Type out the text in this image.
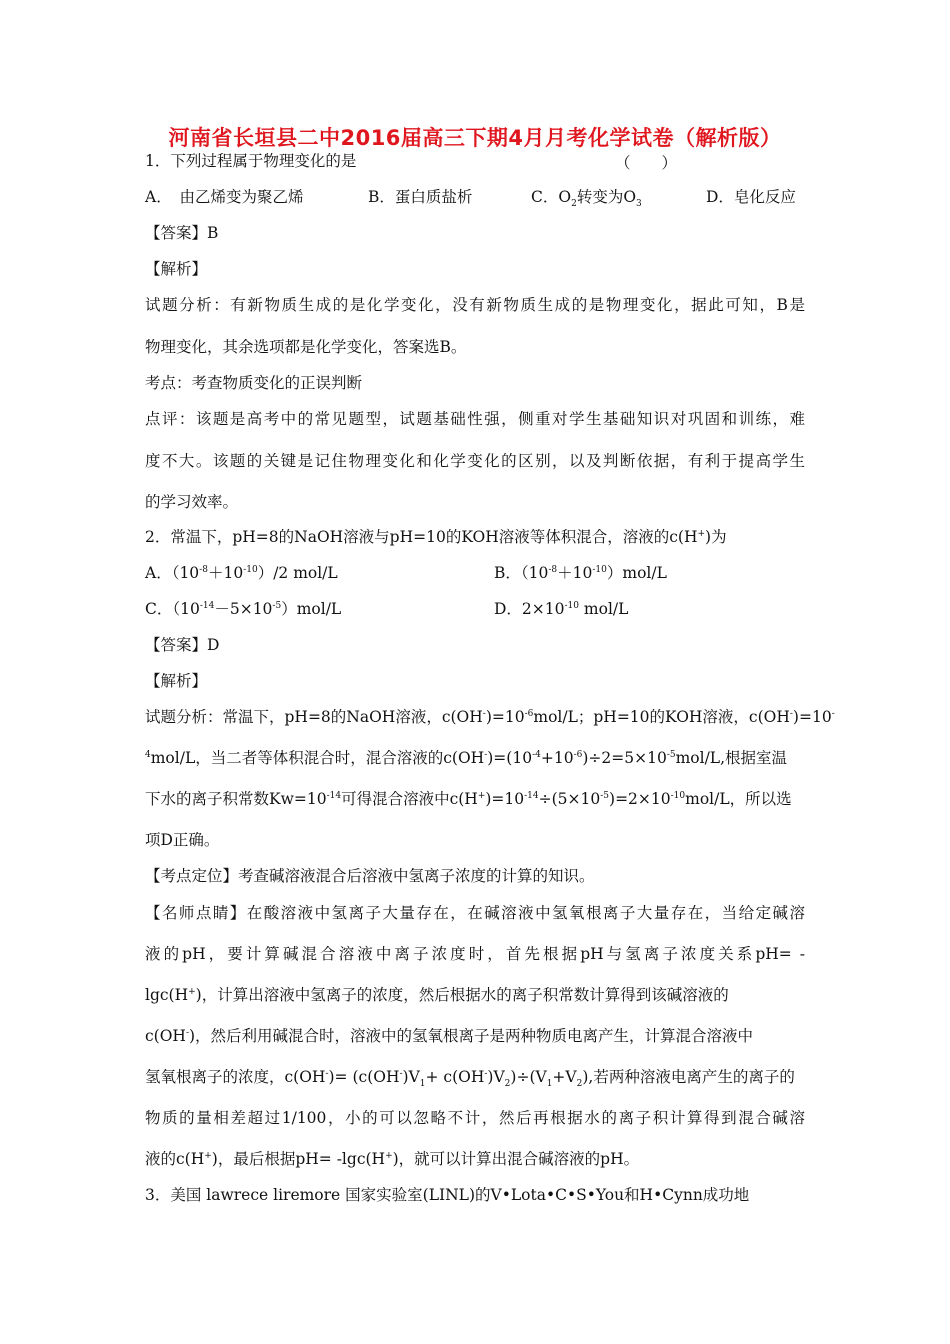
河南省长垣县二中2016届高三下期4月月考化学试卷（解析版）
1．下列过程属于物理变化的是	（　　）
A．　由乙烯变为聚乙烯	B．蛋白质盐析	C．$O_2$转变为$O_3$	D．皂化反应
【答案】B
【解析】
试题分析：有新物质生成的是化学变化，没有新物质生成的是物理变化，据此可知，B是
物理变化，其余选项都是化学变化，答案选B。
考点：考查物质变化的正误判断
点评：该题是高考中的常见题型，试题基础性强，侧重对学生基础知识对巩固和训练，难
度不大。该题的关键是记住物理变化和化学变化的区别，以及判断依据，有利于提高学生
的学习效率。
2．常温下，pH=8的NaOH溶液与pH=10的KOH溶液等体积混合，溶液的c(H+)为
A．$(10^{-8}+10^{-10})/2$ mol/L	B．$(10^{-8}+10^{-10})mol/L$
C．$(10^{-14}-5\times 10^{-5})mol/L$	D．$2\times 10^{-10}$ mol/L
【答案】D
【解析】
试题分析：常温下，pH=8的NaOH溶液，$c(OH^-)=10^{-6}mol/L$；pH=10的KOH溶液，c(OH-)=10-
$^4$mol/L，当二者等体积混合时，混合溶液的$c(OH^-)=(10^{-4}+10^{-6})\div 2=5\times 10^{-5}mol/L$,根据室温
下水的离子积常数$Kw=10^{-14}$可得混合溶液中$c(H^+)=10^{-14}\div(5\times 10^{-5})=2\times 10^{-10}mol/L$，所以选
项D正确。
【考点定位】考查碱溶液混合后溶液中氢离子浓度的计算的知识。
【名师点睛】在酸溶液中氢离子大量存在，在碱溶液中氢氧根离子大量存在，当给定碱溶
液的pH，要计算碱混合溶液中离子浓度时，首先根据pH与氢离子浓度关系pH= -
lgc(H+)，计算出溶液中氢离子的浓度，然后根据水的离子积常数计算得到该碱溶液的
c(OH-)，然后利用碱混合时，溶液中的氢氧根离子是两种物质电离产生，计算混合溶液中
氢氧根离子的浓度，$c(OH^-)= (c(OH^-)V_1+ c(OH^-)V_2)\div(V_1+V_2)$,若两种溶液电离产生的离子的
物质的量相差超过1/100，小的可以忽略不计，然后再根据水的离子积计算得到混合碱溶
液的c(H+)，最后根据pH= -lgc(H+)，就可以计算出混合碱溶液的pH。
3．美国 lawrece liremore 国家实验室(LINL)的V•Lota•C•S•You和H•Cynn成功地
